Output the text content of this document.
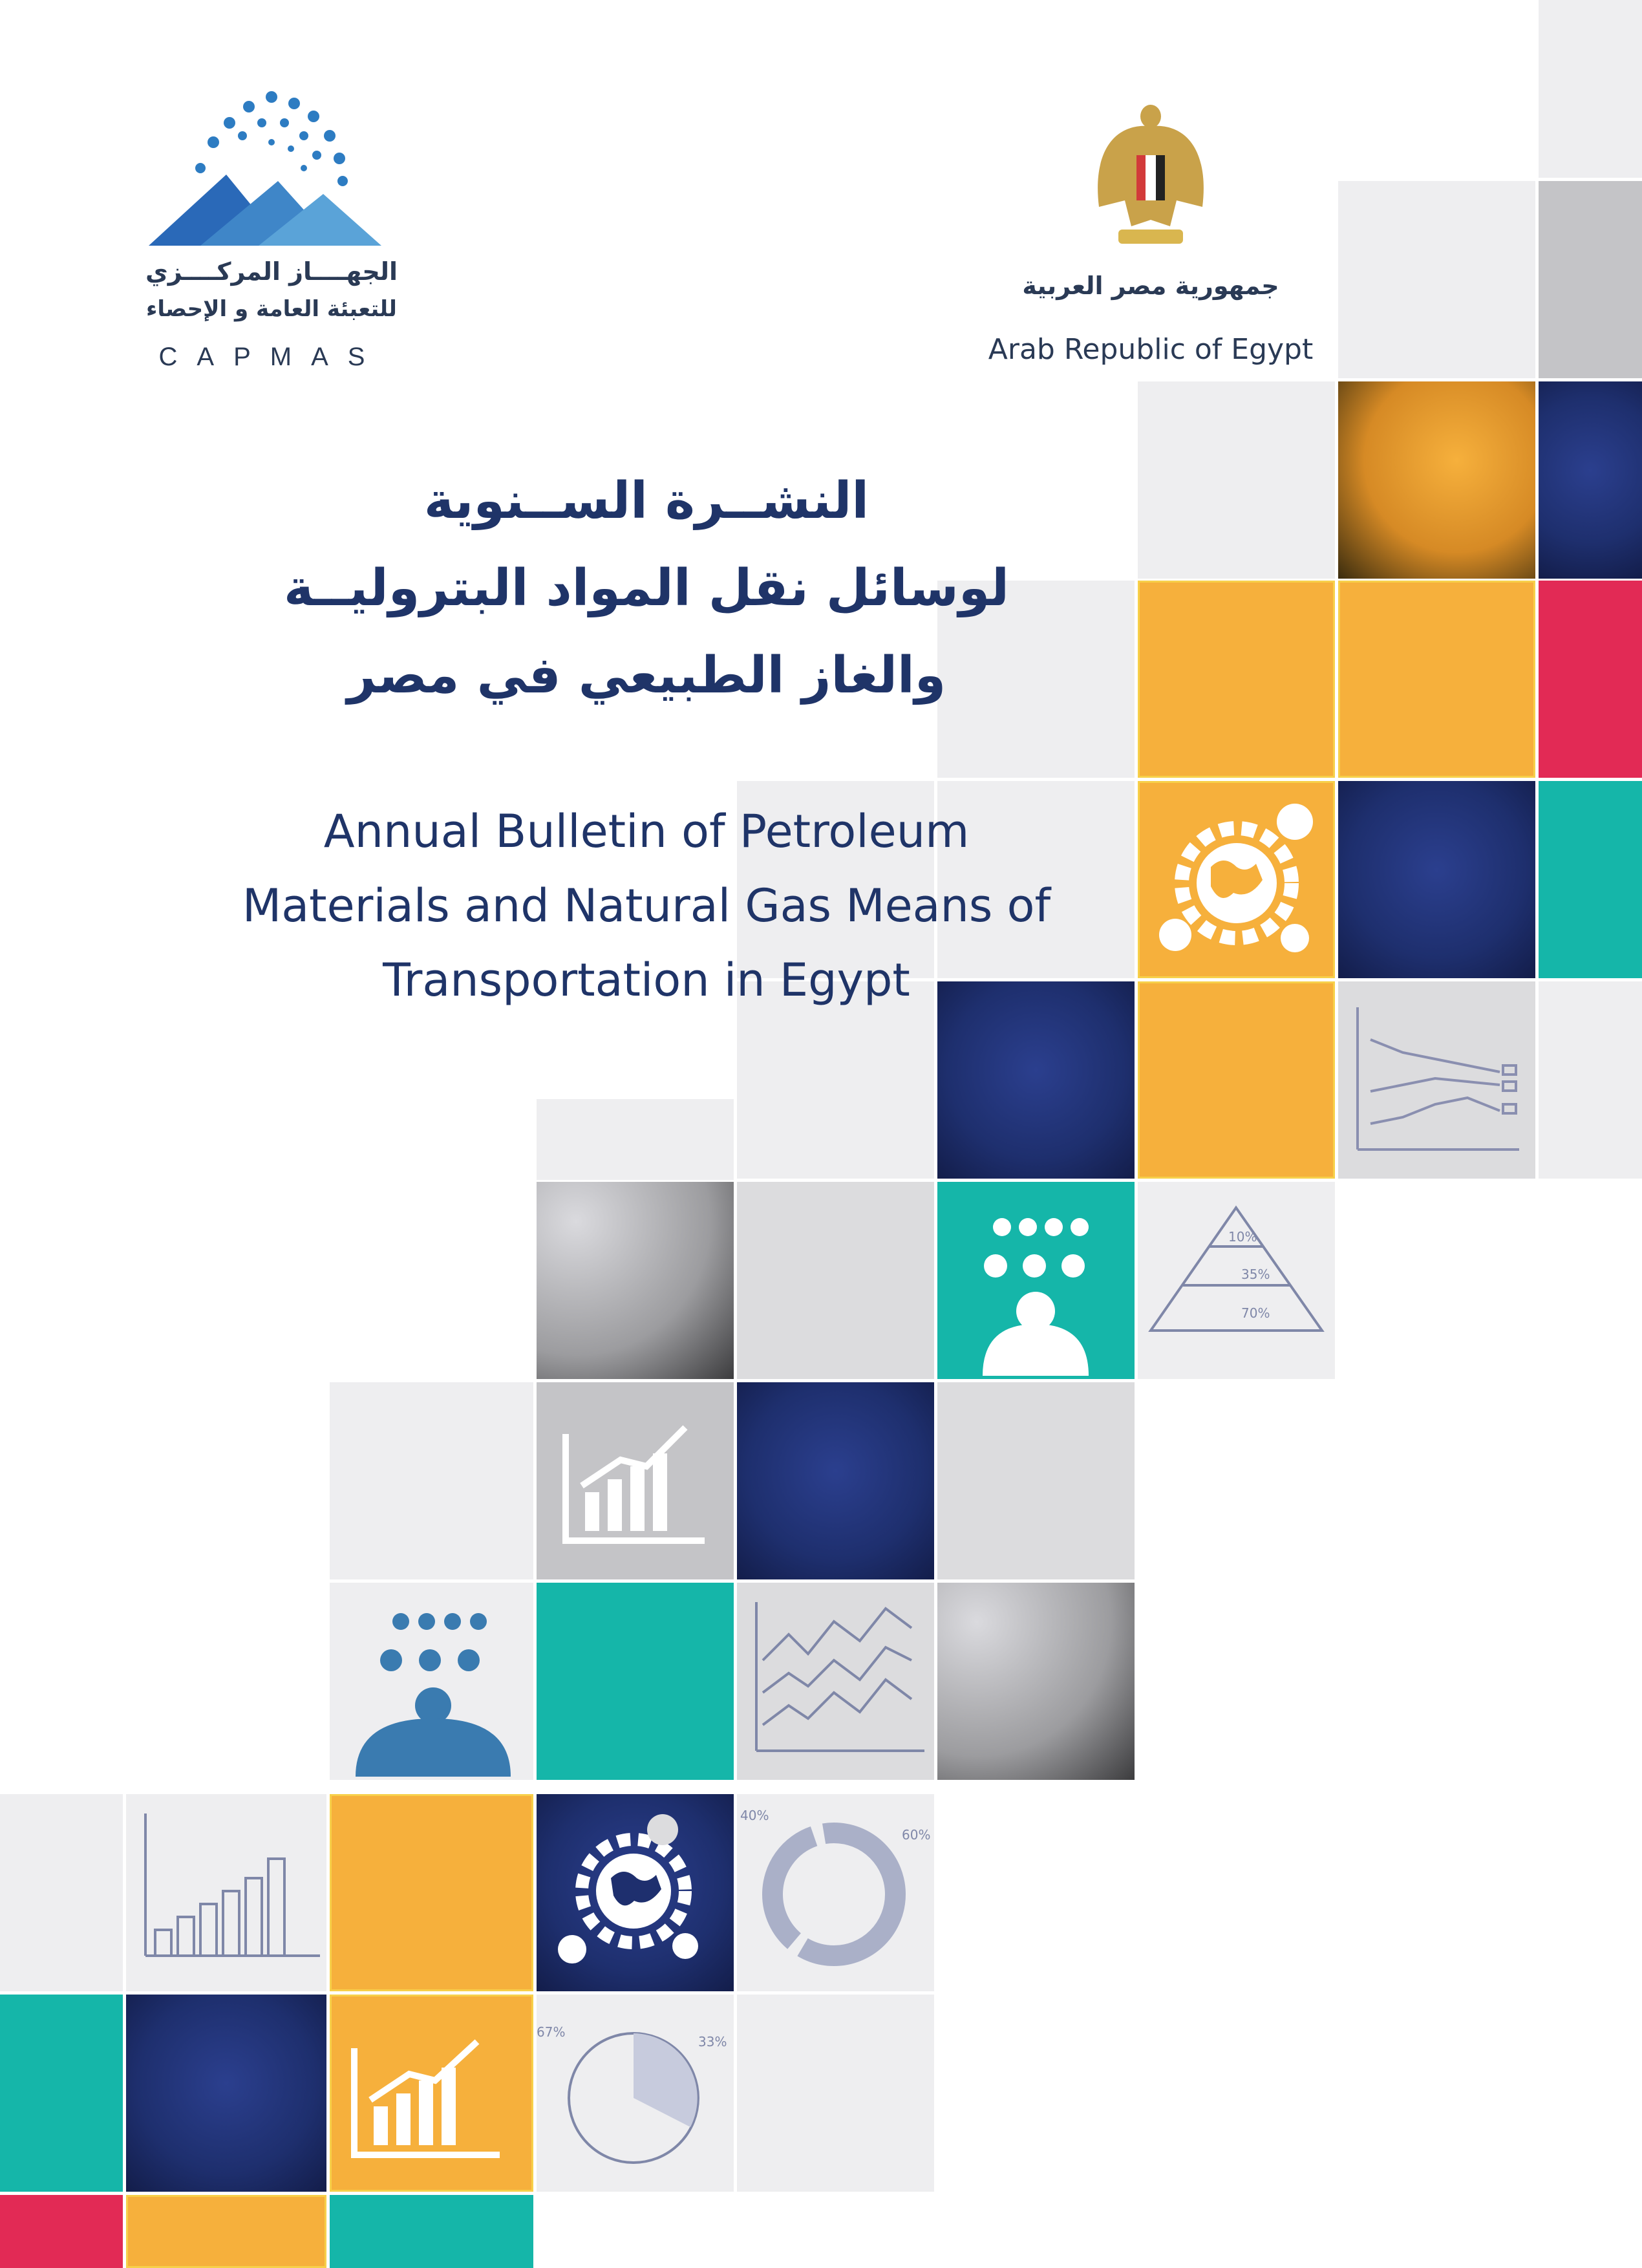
10%
35%
70%
40%
60%
67%
33%
الجهــــاز المركــــزي
للتعبئة العامة و الإحصاء
CAPMAS
جمهورية مصر العربية
Arab Republic of Egypt
النشــرة الســنوية
لوسائل نقل المواد البتروليــة
والغاز الطبيعي في مصر
Annual Bulletin of Petroleum
Materials and Natural Gas Means of
Transportation in Egypt
